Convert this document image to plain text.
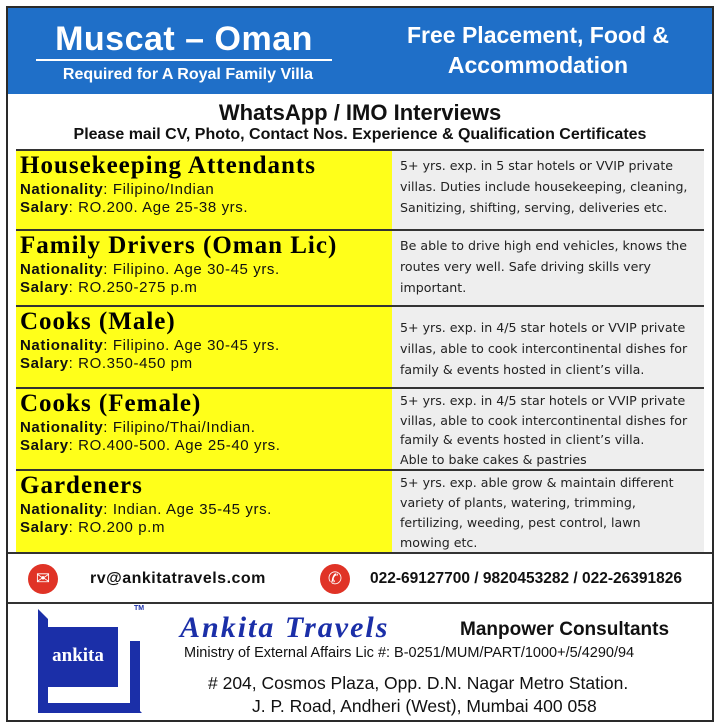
Muscat – Oman
Required for A Royal Family Villa
Free Placement, Food &
Accommodation
WhatsApp / IMO Interviews
Please mail CV, Photo, Contact Nos. Experience & Qualification Certificates
Housekeeping Attendants
Nationality: Filipino/Indian
Salary: RO.200. Age 25-38 yrs.
5+ yrs. exp. in 5 star hotels or VVIP private
villas. Duties include housekeeping, cleaning,
Sanitizing, shifting, serving, deliveries etc.
Family Drivers (Oman Lic)
Nationality: Filipino. Age 30-45 yrs.
Salary: RO.250-275 p.m
Be able to drive high end vehicles, knows the
routes very well. Safe driving skills very
important.
Cooks (Male)
Nationality: Filipino. Age 30-45 yrs.
Salary: RO.350-450 pm
5+ yrs. exp. in 4/5 star hotels or VVIP private
villas, able to cook intercontinental dishes for
family & events hosted in client’s villa.
Cooks (Female)
Nationality: Filipino/Thai/Indian.
Salary: RO.400-500. Age 25-40 yrs.
5+ yrs. exp. in 4/5 star hotels or VVIP private
villas, able to cook intercontinental dishes for
family & events hosted in client’s villa.
Able to bake cakes & pastries
Gardeners
Nationality: Indian. Age 35-45 yrs.
Salary: RO.200 p.m
5+ yrs. exp. able grow & maintain different
variety of plants, watering, trimming,
fertilizing, weeding, pest control, lawn
mowing etc.
✉	rv@ankitatravels.com	✆	022-69127700 / 9820453282 / 022-26391826
ankita
TM
Ankita Travels	Manpower Consultants
Ministry of External Affairs Lic #: B-0251/MUM/PART/1000+/5/4290/94
# 204, Cosmos Plaza, Opp. D.N. Nagar Metro Station.
J. P. Road, Andheri (West), Mumbai 400 058
